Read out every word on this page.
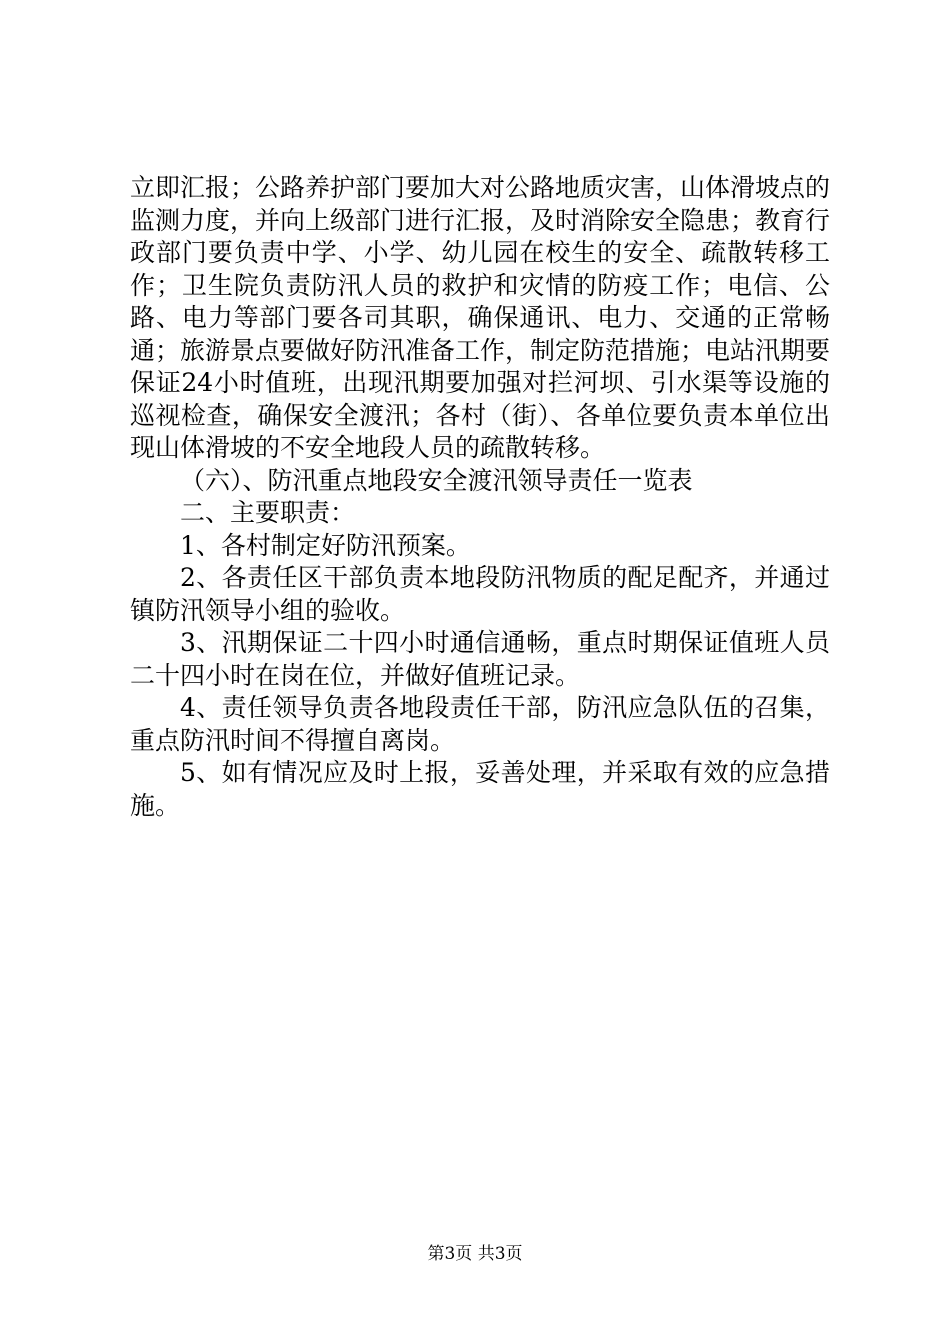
立即汇报；公路养护部门要加大对公路地质灾害，山体滑坡点的监测力度，并向上级部门进行汇报，及时消除安全隐患；教育行政部门要负责中学、小学、幼儿园在校生的安全、疏散转移工作；卫生院负责防汛人员的救护和灾情的防疫工作；电信、公路、电力等部门要各司其职，确保通讯、电力、交通的正常畅通；旅游景点要做好防汛准备工作，制定防范措施；电站汛期要保证24小时值班，出现汛期要加强对拦河坝、引水渠等设施的巡视检查，确保安全渡汛；各村（街）、各单位要负责本单位出现山体滑坡的不安全地段人员的疏散转移。

（六）、防汛重点地段安全渡汛领导责任一览表

二、主要职责：

1、各村制定好防汛预案。

2、各责任区干部负责本地段防汛物质的配足配齐，并通过镇防汛领导小组的验收。

3、汛期保证二十四小时通信通畅，重点时期保证值班人员二十四小时在岗在位，并做好值班记录。

4、责任领导负责各地段责任干部，防汛应急队伍的召集，重点防汛时间不得擅自离岗。

5、如有情况应及时上报，妥善处理，并采取有效的应急措施。

第3页 共3页
